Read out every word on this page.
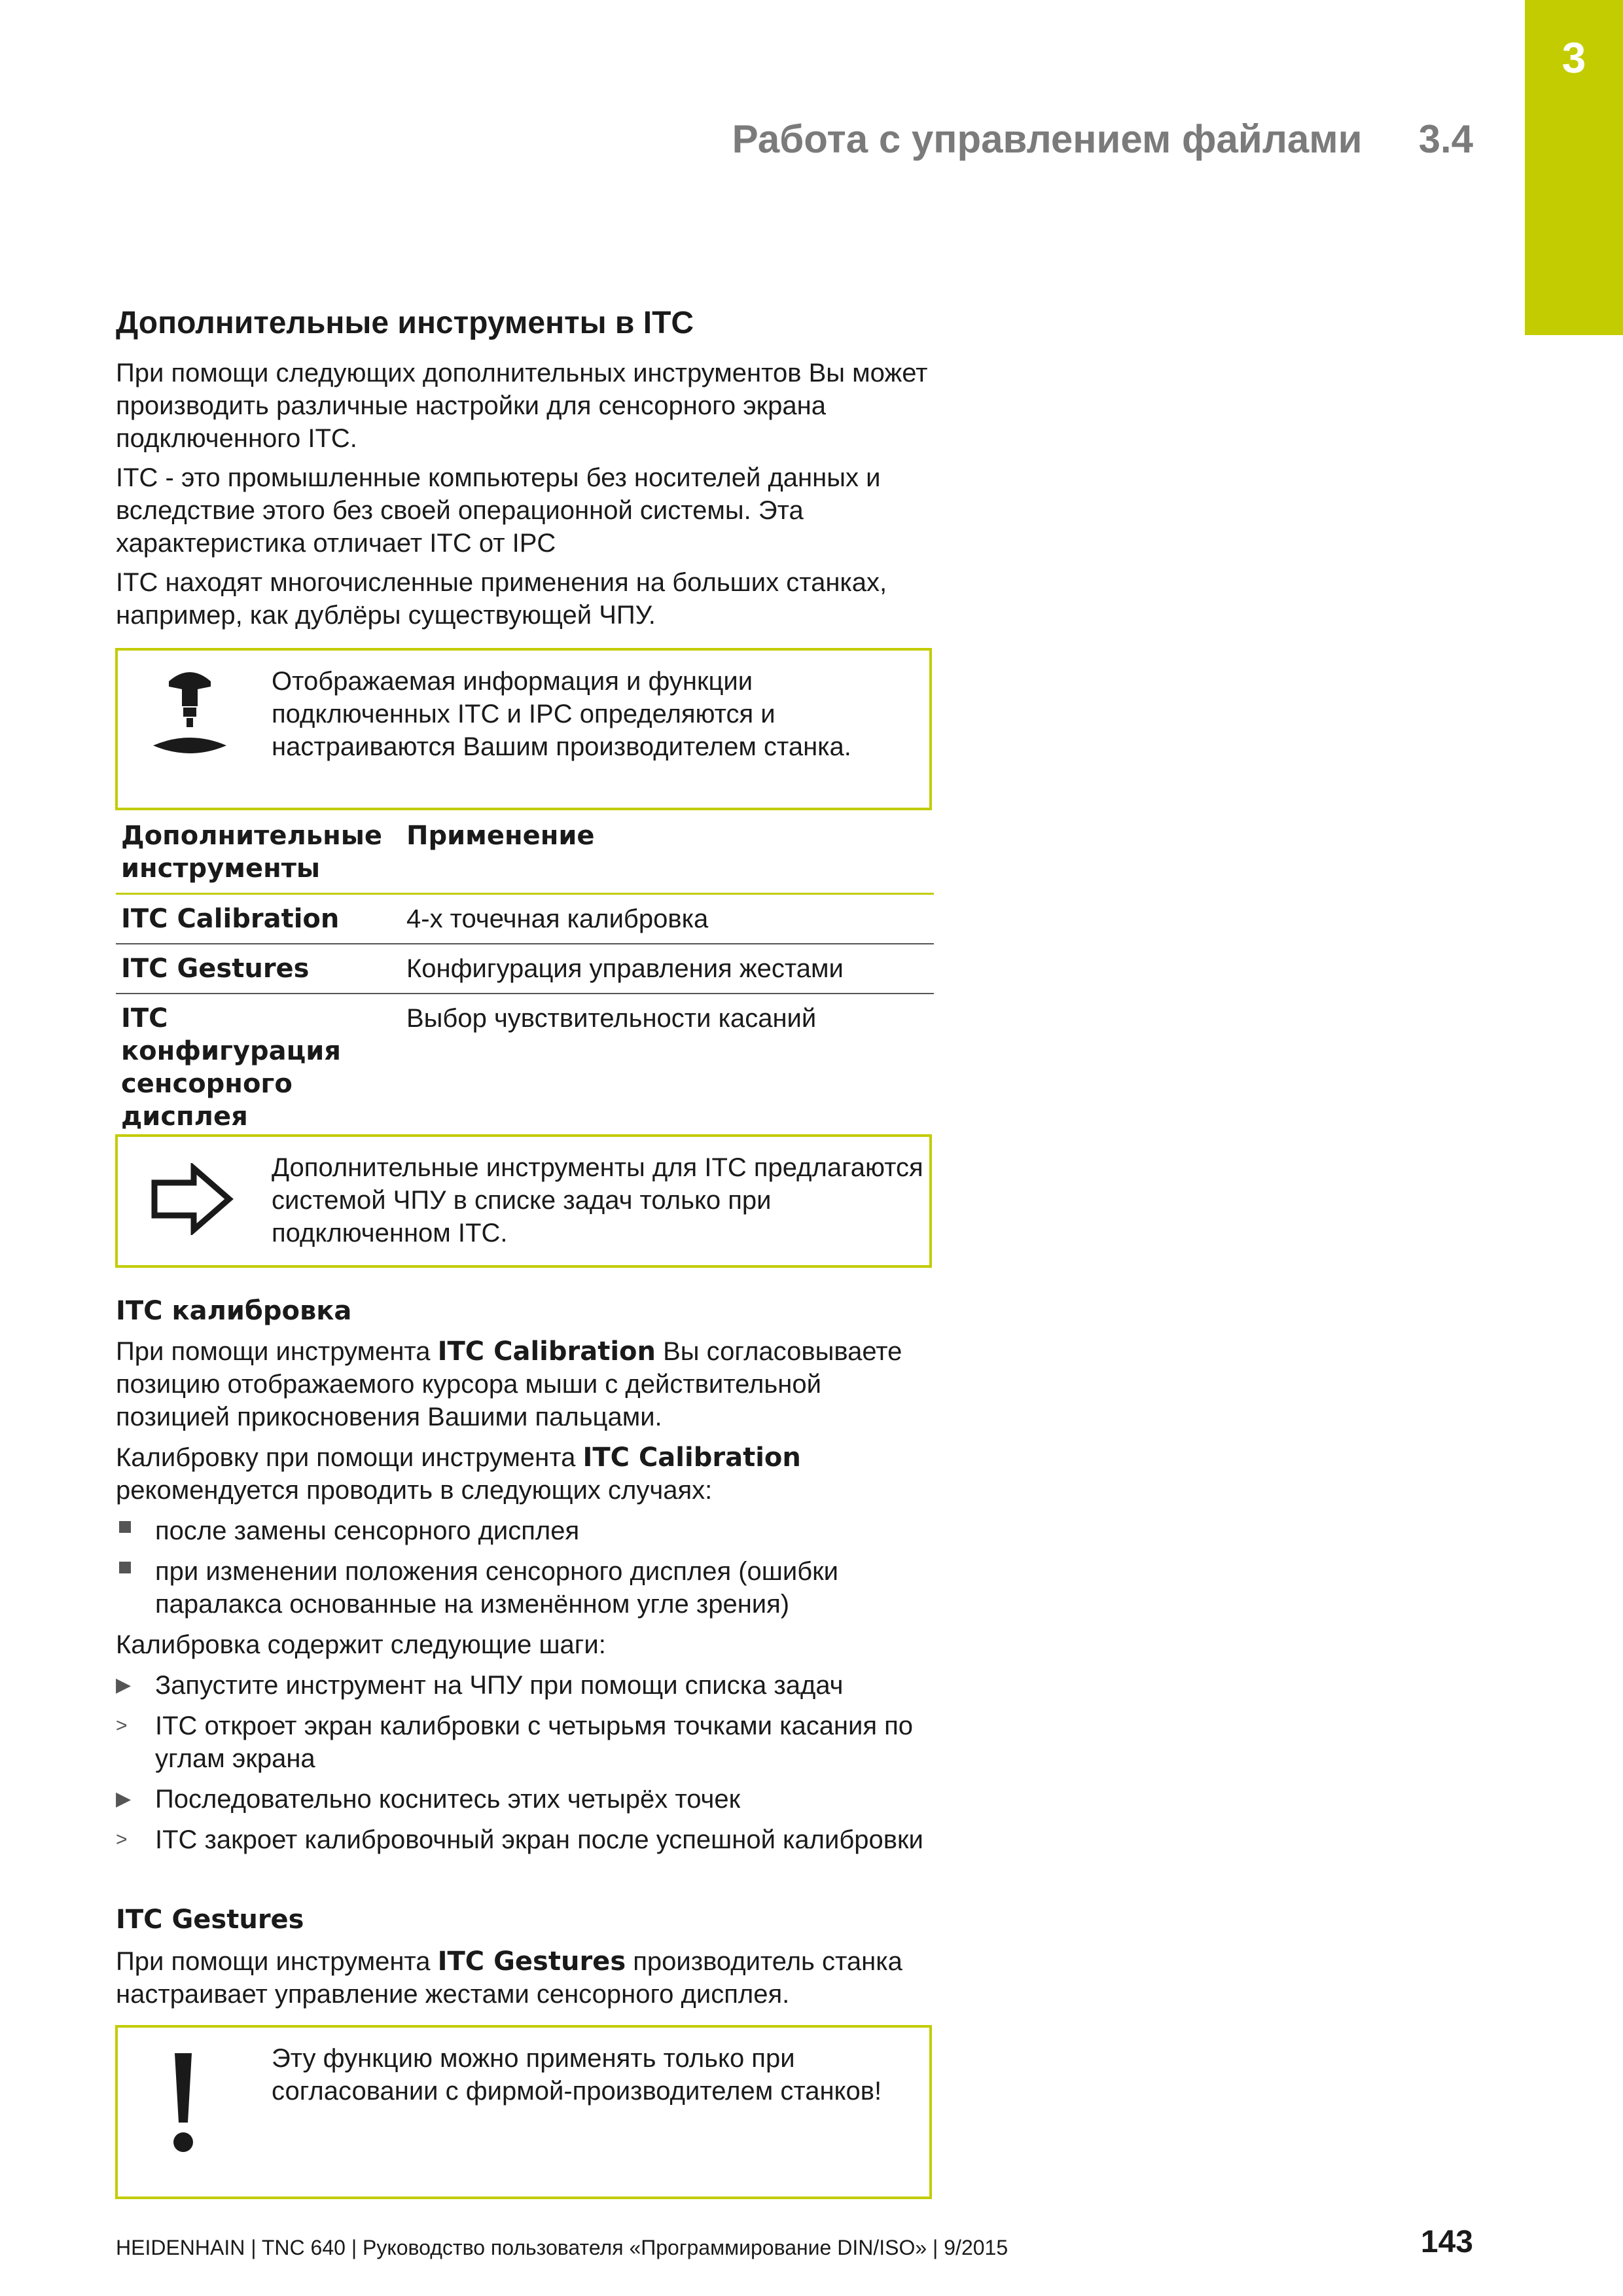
3
Работа с управлением файлами 3.4
Дополнительные инструменты в ITC
При помощи следующих дополнительных инструментов Вы может производить различные настройки для сенсорного экрана подключенного ITC.
ITC - это промышленные компьютеры без носителей данных и вследствие этого без своей операционной системы. Эта характеристика отличает ITC от IPC
ITC находят многочисленные применения на больших станках, например, как дублёры существующей ЧПУ.
Отображаемая информация и функции подключенных ITC и IPC определяются и настраиваются Вашим производителем станка.
Дополнительные инструменты	Применение
ITC Calibration	4-х точечная калибровка
ITC Gestures	Конфигурация управления жестами
ITC конфигурация сенсорного дисплея	Выбор чувствительности касаний
Дополнительные инструменты для ITC предлагаются системой ЧПУ в списке задач только при подключенном ITC.
ITC калибровка
При помощи инструмента ITC Calibration Вы согласовываете позицию отображаемого курсора мыши с действительной позицией прикосновения Вашими пальцами.
Калибровку при помощи инструмента ITC Calibration рекомендуется проводить в следующих случаях:
после замены сенсорного дисплея
при изменении положения сенсорного дисплея (ошибки паралакса основанные на изменённом угле зрения)
Калибровка содержит следующие шаги:
▶ Запустите инструмент на ЧПУ при помощи списка задач
> ITC откроет экран калибровки с четырьмя точками касания по углам экрана
▶ Последовательно коснитесь этих четырёх точек
> ITC закроет калибровочный экран после успешной калибровки
ITC Gestures
При помощи инструмента ITC Gestures производитель станка настраивает управление жестами сенсорного дисплея.
Эту функцию можно применять только при согласовании с фирмой-производителем станков!
HEIDENHAIN | TNC 640 | Руководство пользователя «Программирование DIN/ISO» | 9/2015	143
